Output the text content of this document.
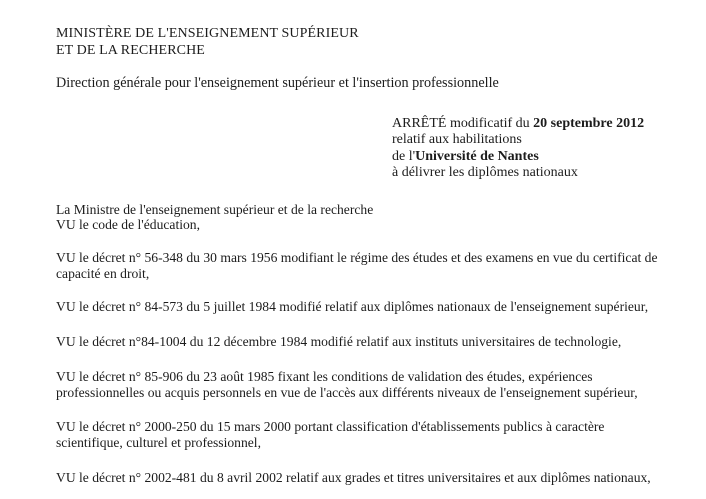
MINISTÈRE DE L'ENSEIGNEMENT SUPÉRIEUR
ET DE LA RECHERCHE
Direction générale pour l'enseignement supérieur et l'insertion professionnelle
ARRÊTÉ modificatif du 20 septembre 2012
relatif aux habilitations
de l'Université de Nantes
à délivrer les diplômes nationaux
La Ministre de l'enseignement supérieur et de la recherche
VU le code de l'éducation,
VU le décret n° 56-348 du 30 mars 1956 modifiant le régime des études et des examens en vue du certificat de
capacité en droit,
VU le décret n° 84-573 du 5 juillet 1984 modifié relatif aux diplômes nationaux de l'enseignement supérieur,
VU le décret n°84-1004 du 12 décembre 1984 modifié relatif aux instituts universitaires de technologie,
VU le décret n° 85-906 du 23 août 1985 fixant les conditions de validation des études, expériences
professionnelles ou acquis personnels en vue de l'accès aux différents niveaux de l'enseignement supérieur,
VU le décret n° 2000-250 du 15 mars 2000 portant classification d'établissements publics à caractère
scientifique, culturel et professionnel,
VU le décret n° 2002-481 du 8 avril 2002 relatif aux grades et titres universitaires et aux diplômes nationaux,
